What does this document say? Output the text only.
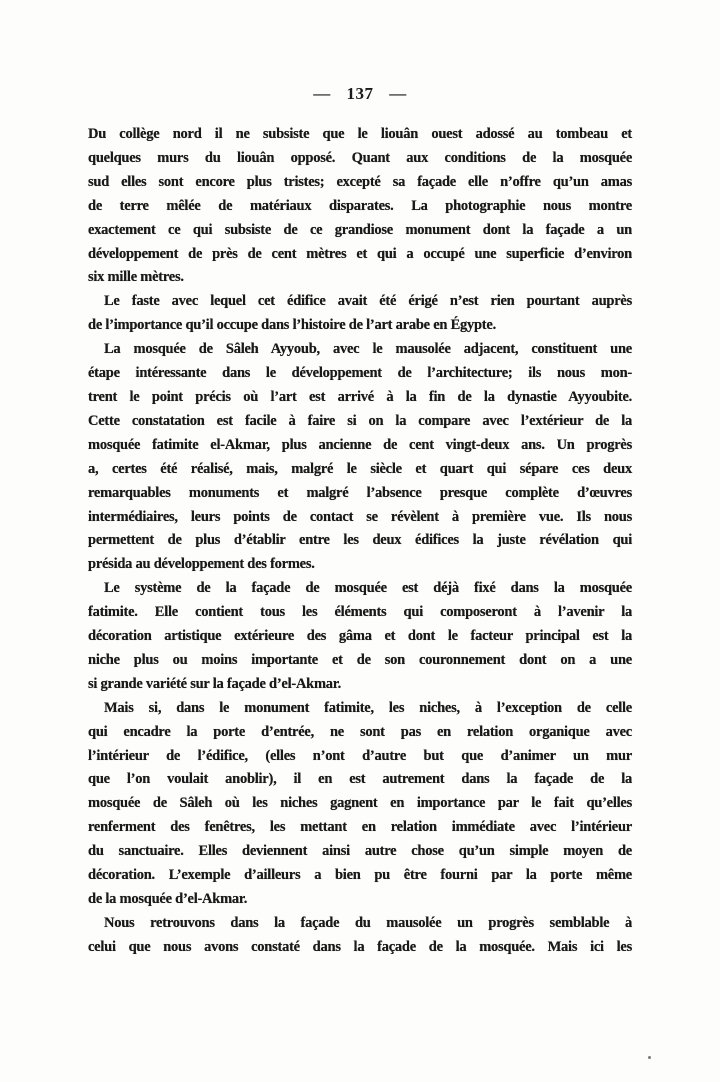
— 137 —
Du collège nord il ne subsiste que le liouân ouest adossé au tombeau et
quelques murs du liouân opposé. Quant aux conditions de la mosquée
sud elles sont encore plus tristes; excepté sa façade elle n’offre qu’un amas
de terre mêlée de matériaux disparates. La photographie nous montre
exactement ce qui subsiste de ce grandiose monument dont la façade a un
développement de près de cent mètres et qui a occupé une superficie d’environ
six mille mètres.
Le faste avec lequel cet édifice avait été érigé n’est rien pourtant auprès
de l’importance qu’il occupe dans l’histoire de l’art arabe en Égypte.
La mosquée de Sâleh Ayyoub, avec le mausolée adjacent, constituent une
étape intéressante dans le développement de l’architecture; ils nous mon-
trent le point précis où l’art est arrivé à la fin de la dynastie Ayyoubite.
Cette constatation est facile à faire si on la compare avec l’extérieur de la
mosquée fatimite el-Akmar, plus ancienne de cent vingt-deux ans. Un progrès
a, certes été réalisé, mais, malgré le siècle et quart qui sépare ces deux
remarquables monuments et malgré l’absence presque complète d’œuvres
intermédiaires, leurs points de contact se révèlent à première vue. Ils nous
permettent de plus d’établir entre les deux édifices la juste révélation qui
présida au développement des formes.
Le système de la façade de mosquée est déjà fixé dans la mosquée
fatimite. Elle contient tous les éléments qui composeront à l’avenir la
décoration artistique extérieure des gâma et dont le facteur principal est la
niche plus ou moins importante et de son couronnement dont on a une
si grande variété sur la façade d’el-Akmar.
Mais si, dans le monument fatimite, les niches, à l’exception de celle
qui encadre la porte d’entrée, ne sont pas en relation organique avec
l’intérieur de l’édifice, (elles n’ont d’autre but que d’animer un mur
que l’on voulait anoblir), il en est autrement dans la façade de la
mosquée de Sâleh où les niches gagnent en importance par le fait qu’elles
renferment des fenêtres, les mettant en relation immédiate avec l’intérieur
du sanctuaire. Elles deviennent ainsi autre chose qu’un simple moyen de
décoration. L’exemple d’ailleurs a bien pu être fourni par la porte même
de la mosquée d’el-Akmar.
Nous retrouvons dans la façade du mausolée un progrès semblable à
celui que nous avons constaté dans la façade de la mosquée. Mais ici les
